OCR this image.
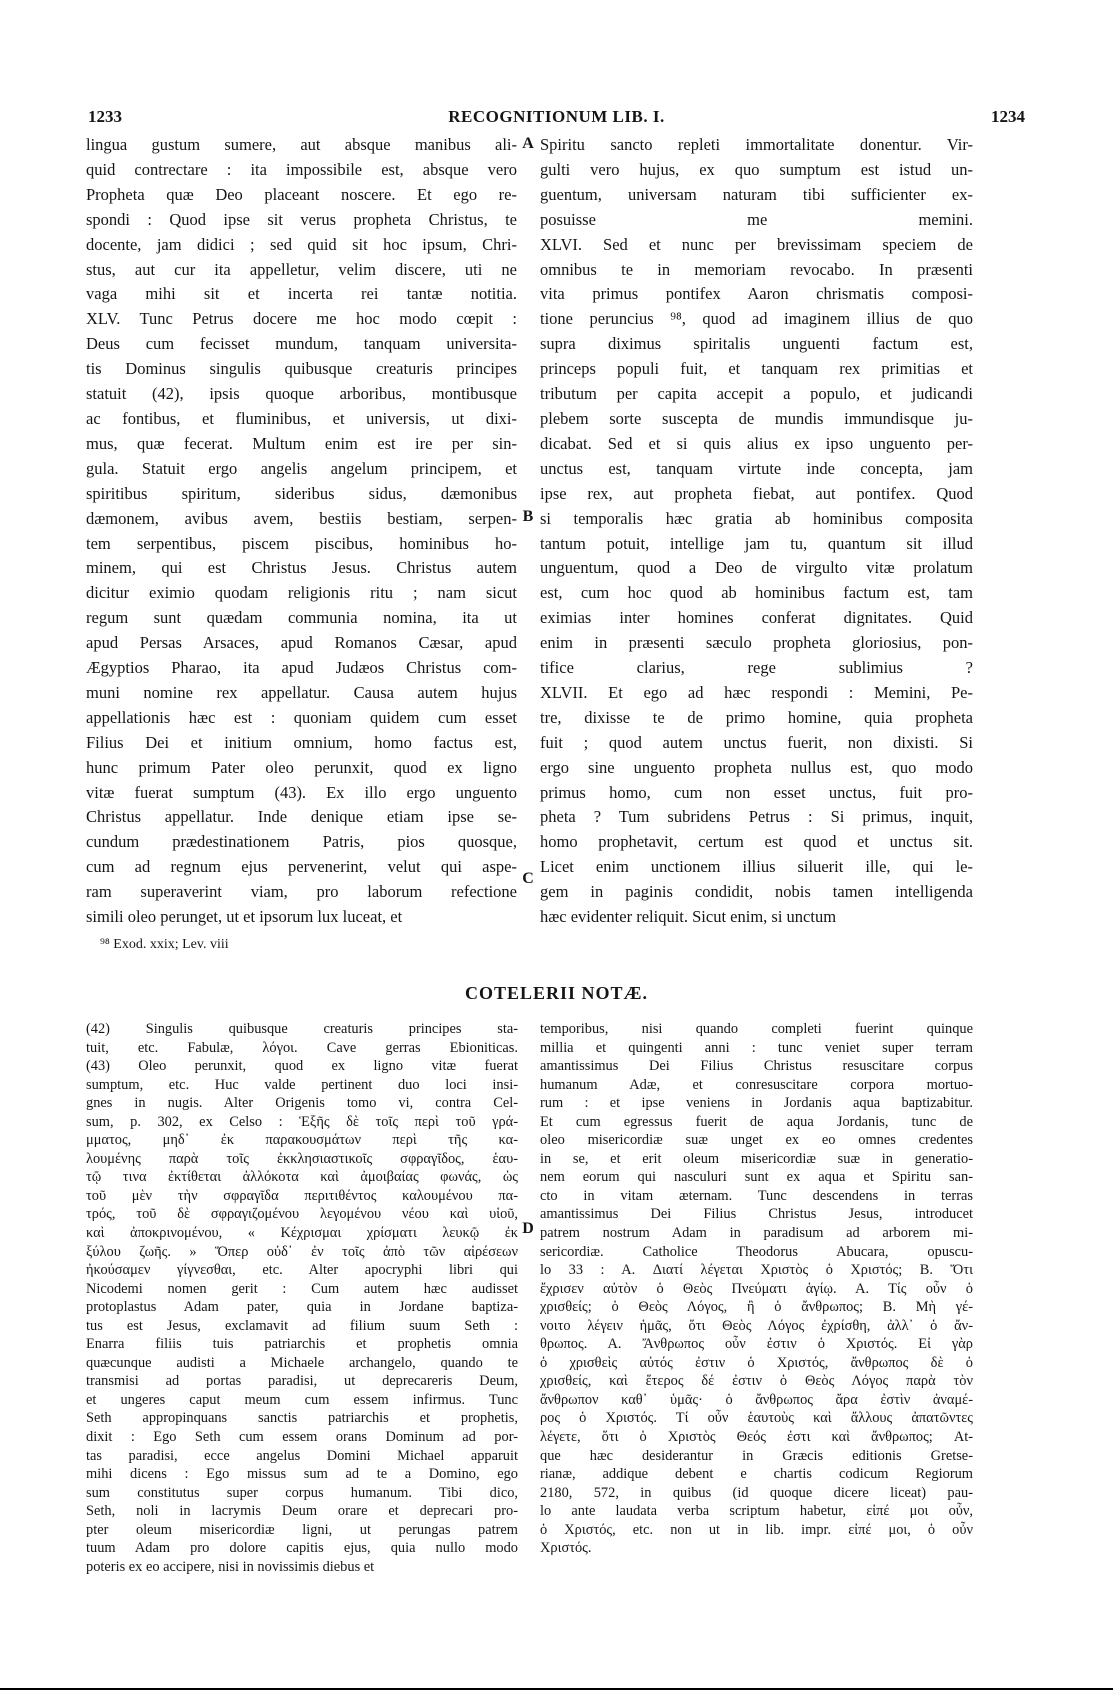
1233	RECOGNITIONUM LIB. I.	1234
lingua gustum sumere, aut absque manibus ali-
quid contrectare : ita impossibile est, absque vero
Propheta quæ Deo placeant noscere. Et ego re-
spondi : Quod ipse sit verus propheta Christus, te
docente, jam didici ; sed quid sit hoc ipsum, Chri-
stus, aut cur ita appelletur, velim discere, uti ne
vaga mihi sit et incerta rei tantæ notitia.
XLV. Tunc Petrus docere me hoc modo cœpit :
Deus cum fecisset mundum, tanquam universita-
tis Dominus singulis quibusque creaturis principes
statuit (42), ipsis quoque arboribus, montibusque
ac fontibus, et fluminibus, et universis, ut dixi-
mus, quæ fecerat. Multum enim est ire per sin-
gula. Statuit ergo angelis angelum principem, et
spiritibus spiritum, sideribus sidus, dæmonibus
dæmonem, avibus avem, bestiis bestiam, serpen-
tem serpentibus, piscem piscibus, hominibus ho-
minem, qui est Christus Jesus. Christus autem
dicitur eximio quodam religionis ritu ; nam sicut
regum sunt quædam communia nomina, ita ut
apud Persas Arsaces, apud Romanos Cæsar, apud
Ægyptios Pharao, ita apud Judæos Christus com-
muni nomine rex appellatur. Causa autem hujus
appellationis hæc est : quoniam quidem cum esset
Filius Dei et initium omnium, homo factus est,
hunc primum Pater oleo perunxit, quod ex ligno
vitæ fuerat sumptum (43). Ex illo ergo unguento
Christus appellatur. Inde denique etiam ipse se-
cundum prædestinationem Patris, pios quosque,
cum ad regnum ejus pervenerint, velut qui aspe-
ram superaverint viam, pro laborum refectione
simili oleo perunget, ut et ipsorum lux luceat, et
Spiritu sancto repleti immortalitate donentur. Vir-
gulti vero hujus, ex quo sumptum est istud un-
guentum, universam naturam tibi sufficienter ex-
posuisse me memini.
XLVI. Sed et nunc per brevissimam speciem de
omnibus te in memoriam revocabo. In præsenti
vita primus pontifex Aaron chrismatis composi-
tione peruncius ⁹⁸, quod ad imaginem illius de quo
supra diximus spiritalis unguenti factum est,
princeps populi fuit, et tanquam rex primitias et
tributum per capita accepit a populo, et judicandi
plebem sorte suscepta de mundis immundisque ju-
dicabat. Sed et si quis alius ex ipso unguento per-
unctus est, tanquam virtute inde concepta, jam
ipse rex, aut propheta fiebat, aut pontifex. Quod
si temporalis hæc gratia ab hominibus composita
tantum potuit, intellige jam tu, quantum sit illud
unguentum, quod a Deo de virgulto vitæ prolatum
est, cum hoc quod ab hominibus factum est, tam
eximias inter homines conferat dignitates. Quid
enim in præsenti sæculo propheta gloriosius, pon-
tifice clarius, rege sublimius ?
XLVII. Et ego ad hæc respondi : Memini, Pe-
tre, dixisse te de primo homine, quia propheta
fuit ; quod autem unctus fuerit, non dixisti. Si
ergo sine unguento propheta nullus est, quo modo
primus homo, cum non esset unctus, fuit pro-
pheta ? Tum subridens Petrus : Si primus, inquit,
homo prophetavit, certum est quod et unctus sit.
Licet enim unctionem illius siluerit ille, qui le-
gem in paginis condidit, nobis tamen intelligenda
hæc evidenter reliquit. Sicut enim, si unctum
A
B
C
D
⁹⁸ Exod. xxix; Lev. viii
COTELERII NOTÆ.
(42) Singulis quibusque creaturis principes sta-
tuit, etc. Fabulæ, λόγοι. Cave gerras Ebioniticas.
(43) Oleo perunxit, quod ex ligno vitæ fuerat
sumptum, etc. Huc valde pertinent duo loci insi-
gnes in nugis. Alter Origenis tomo vi, contra Cel-
sum, p. 302, ex Celso : Ἑξῆς δὲ τοῖς περὶ τοῦ γρά-
μματος, μηδ᾽ ἐκ παρακουσμάτων περὶ τῆς κα-
λουμένης παρὰ τοῖς ἐκκλησιαστικοῖς σφραγῖδος, ἑαυ-
τῷ τινα ἐκτίθεται ἀλλόκοτα καὶ ἀμοιβαίας φωνάς, ὡς
τοῦ μὲν τὴν σφραγῖδα περιτιθέντος καλουμένου πα-
τρός, τοῦ δὲ σφραγιζομένου λεγομένου νέου καὶ υἱοῦ,
καὶ ἀποκρινομένου, « Κέχρισμαι χρίσματι λευκῷ ἐκ
ξύλου ζωῆς. » Ὅπερ οὐδ᾽ ἐν τοῖς ἀπὸ τῶν αἱρέσεων
ἠκούσαμεν γίγνεσθαι, etc. Alter apocryphi libri qui
Nicodemi nomen gerit : Cum autem hæc audisset
protoplastus Adam pater, quia in Jordane baptiza-
tus est Jesus, exclamavit ad filium suum Seth :
Enarra filiis tuis patriarchis et prophetis omnia
quæcunque audisti a Michaele archangelo, quando te
transmisi ad portas paradisi, ut deprecareris Deum,
et ungeres caput meum cum essem infirmus. Tunc
Seth appropinquans sanctis patriarchis et prophetis,
dixit : Ego Seth cum essem orans Dominum ad por-
tas paradisi, ecce angelus Domini Michael apparuit
mihi dicens : Ego missus sum ad te a Domino, ego
sum constitutus super corpus humanum. Tibi dico,
Seth, noli in lacrymis Deum orare et deprecari pro-
pter oleum misericordiæ ligni, ut perungas patrem
tuum Adam pro dolore capitis ejus, quia nullo modo
poteris ex eo accipere, nisi in novissimis diebus et
temporibus, nisi quando completi fuerint quinque
millia et quingenti anni : tunc veniet super terram
amantissimus Dei Filius Christus resuscitare corpus
humanum Adæ, et conresuscitare corpora mortuo-
rum : et ipse veniens in Jordanis aqua baptizabitur.
Et cum egressus fuerit de aqua Jordanis, tunc de
oleo misericordiæ suæ unget ex eo omnes credentes
in se, et erit oleum misericordiæ suæ in generatio-
nem eorum qui nasculuri sunt ex aqua et Spiritu san-
cto in vitam æternam. Tunc descendens in terras
amantissimus Dei Filius Christus Jesus, introducet
patrem nostrum Adam in paradisum ad arborem mi-
sericordiæ. Catholice Theodorus Abucara, opuscu-
lo 33 : A. Διατί λέγεται Χριστὸς ὁ Χριστός; Β. Ὅτι
ἔχρισεν αὐτὸν ὁ Θεὸς Πνεύματι ἁγίῳ. Α. Τίς οὖν ὁ
χρισθείς; ὁ Θεὸς Λόγος, ἢ ὁ ἄνθρωπος; Β. Μὴ γέ-
νοιτο λέγειν ἡμᾶς, ὅτι Θεὸς Λόγος ἐχρίσθη, ἀλλ᾽ ὁ ἄν-
θρωπος. Α. Ἄνθρωπος οὖν ἐστιν ὁ Χριστός. Εἰ γὰρ
ὁ χρισθεὶς αὐτός ἐστιν ὁ Χριστός, ἄνθρωπος δὲ ὁ
χρισθείς, καὶ ἕτερος δέ ἐστιν ὁ Θεὸς Λόγος παρὰ τὸν
ἄνθρωπον καθ᾽ ὑμᾶς· ὁ ἄνθρωπος ἄρα ἐστὶν ἀναμέ-
ρος ὁ Χριστός. Τί οὖν ἑαυτοὺς καὶ ἄλλους ἀπατῶντες
λέγετε, ὅτι ὁ Χριστὸς Θεός ἐστι καὶ ἄνθρωπος; At-
que hæc desiderantur in Græcis editionis Gretse-
rianæ, addique debent e chartis codicum Regiorum
2180, 572, in quibus (id quoque dicere liceat) pau-
lo ante laudata verba scriptum habetur, εἰπέ μοι οὖν,
ὁ Χριστός, etc. non ut in lib. impr. εἰπέ μοι, ὁ οὖν
Χριστός.
